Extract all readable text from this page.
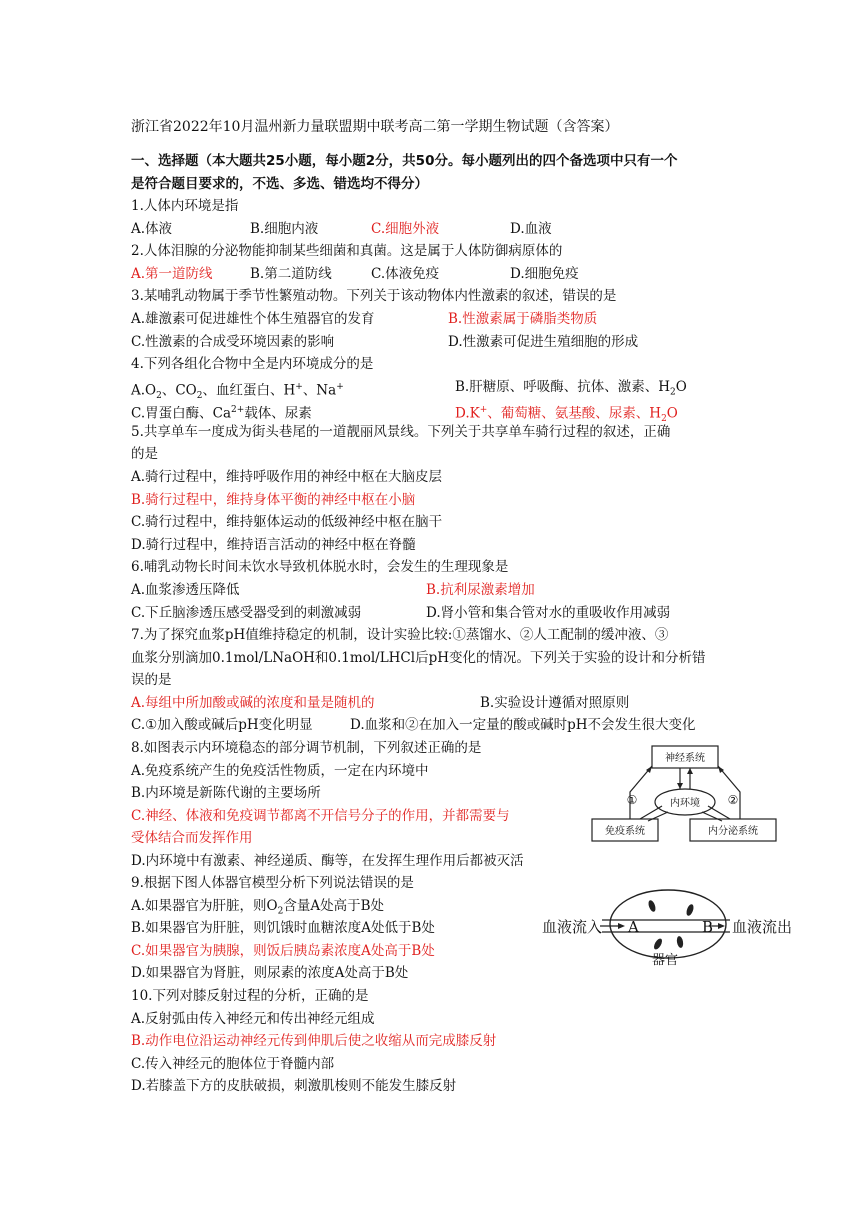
浙江省2022年10月温州新力量联盟期中联考高二第一学期生物试题（含答案）
一、选择题（本大题共25小题，每小题2分，共50分。每小题列出的四个备选项中只有一个
是符合题目要求的，不选、多选、错选均不得分）
1.人体内环境是指
A.体液	B.细胞内液	C.细胞外液	D.血液
2.人体泪腺的分泌物能抑制某些细菌和真菌。这是属于人体防御病原体的
A.第一道防线	B.第二道防线	C.体液免疫	D.细胞免疫
3.某哺乳动物属于季节性繁殖动物。下列关于该动物体内性激素的叙述，错误的是
A.雄激素可促进雄性个体生殖器官的发育	B.性激素属于磷脂类物质
C.性激素的合成受环境因素的影响	D.性激素可促进生殖细胞的形成
4.下列各组化合物中全是内环境成分的是
$A.O_2$、$CO_2$、血红蛋白、H+、Na+	B.肝糖原、呼吸酶、抗体、激素、$H_2O$
C.胃蛋白酶、$Ca^{2+}$载体、尿素	D.K+、葡萄糖、氨基酸、尿素、$H_2O$
5.共享单车一度成为街头巷尾的一道靓丽风景线。下列关于共享单车骑行过程的叙述，正确
的是
A.骑行过程中，维持呼吸作用的神经中枢在大脑皮层
B.骑行过程中，维持身体平衡的神经中枢在小脑
C.骑行过程中，维持躯体运动的低级神经中枢在脑干
D.骑行过程中，维持语言活动的神经中枢在脊髓
6.哺乳动物长时间未饮水导致机体脱水时，会发生的生理现象是
A.血浆渗透压降低	B.抗利尿激素增加
C.下丘脑渗透压感受器受到的刺激减弱	D.肾小管和集合管对水的重吸收作用减弱
7.为了探究血浆pH值维持稳定的机制，设计实验比较:①蒸馏水、②人工配制的缓冲液、③
血浆分别滴加0.1mol/LNaOH和0.1mol/LHCl后pH变化的情况。下列关于实验的设计和分析错
误的是
A.每组中所加酸或碱的浓度和量是随机的	B.实验设计遵循对照原则
C.①加入酸或碱后pH变化明显	D.血浆和②在加入一定量的酸或碱时pH不会发生很大变化
8.如图表示内环境稳态的部分调节机制，下列叙述正确的是
A.免疫系统产生的免疫活性物质，一定在内环境中
B.内环境是新陈代谢的主要场所
C.神经、体液和免疫调节都离不开信号分子的作用，并都需要与
受体结合而发挥作用
D.内环境中有激素、神经递质、酶等，在发挥生理作用后都被灭活
神经系统
内环境
免疫系统	内分泌系统
①	②
9.根据下图人体器官模型分析下列说法错误的是
A.如果器官为肝脏，则$O_2$含量A处高于B处
B.如果器官为肝脏，则饥饿时血糖浓度A处低于B处
C.如果器官为胰腺，则饭后胰岛素浓度A处高于B处
D.如果器官为肾脏，则尿素的浓度A处高于B处
血液流入 A	B 血液流出
器官
10.下列对膝反射过程的分析，正确的是
A.反射弧由传入神经元和传出神经元组成
B.动作电位沿运动神经元传到伸肌后使之收缩从而完成膝反射
C.传入神经元的胞体位于脊髓内部
D.若膝盖下方的皮肤破损，刺激肌梭则不能发生膝反射
